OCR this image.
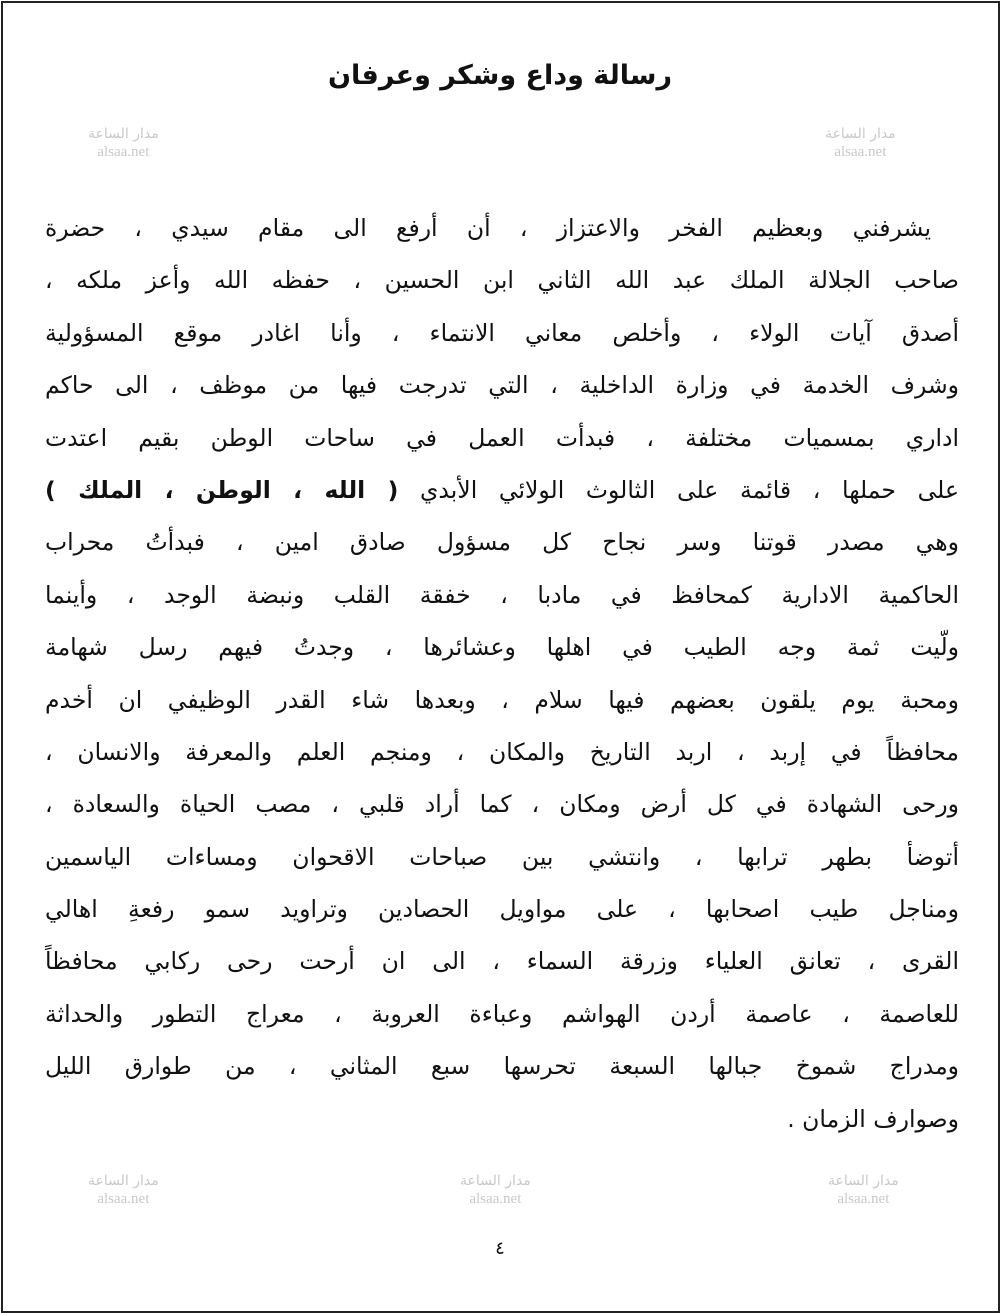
رسالة وداع وشكر وعرفان
يشرفني وبعظيم الفخر والاعتزاز ، أن أرفع الى مقام سيدي ، حضرة
صاحب الجلالة الملك عبد الله الثاني ابن الحسين ، حفظه الله وأعز ملكه ،
أصدق آيات الولاء ، وأخلص معاني الانتماء ، وأنا اغادر موقع المسؤولية
وشرف الخدمة في وزارة الداخلية ، التي تدرجت فيها من موظف ، الى حاكم
اداري بمسميات مختلفة ، فبدأت العمل في ساحات الوطن بقيم اعتدت
على حملها ، قائمة على الثالوث الولائي الأبدي ( الله ، الوطن ، الملك )
وهي مصدر قوتنا وسر نجاح كل مسؤول صادق امين ، فبدأتُ محراب
الحاكمية الادارية كمحافظ في مادبا ، خفقة القلب ونبضة الوجد ، وأينما
ولّيت ثمة وجه الطيب في اهلها وعشائرها ، وجدتُ فيهم رسل شهامة
ومحبة يوم يلقون بعضهم فيها سلام ، وبعدها شاء القدر الوظيفي ان أخدم
محافظاً في إربد ، اربد التاريخ والمكان ، ومنجم العلم والمعرفة والانسان ،
ورحى الشهادة في كل أرض ومكان ، كما أراد قلبي ، مصب الحياة والسعادة ،
أتوضأ بطهر ترابها ، وانتشي بين صباحات الاقحوان ومساءات الياسمين
ومناجل طيب اصحابها ، على مواويل الحصادين وتراويد سمو رفعةِ اهالي
القرى ، تعانق العلياء وزرقة السماء ، الى ان أرحت رحى ركابي محافظاً
للعاصمة ، عاصمة أردن الهواشم وعباءة العروبة ، معراج التطور والحداثة
ومدراج شموخ جبالها السبعة تحرسها سبع المثاني ، من طوارق الليل
وصوارف الزمان .
٤
مدار الساعة
alsaa.net
مدار الساعة
alsaa.net
مدار الساعة
alsaa.net
مدار الساعة
alsaa.net
مدار الساعة
alsaa.net
